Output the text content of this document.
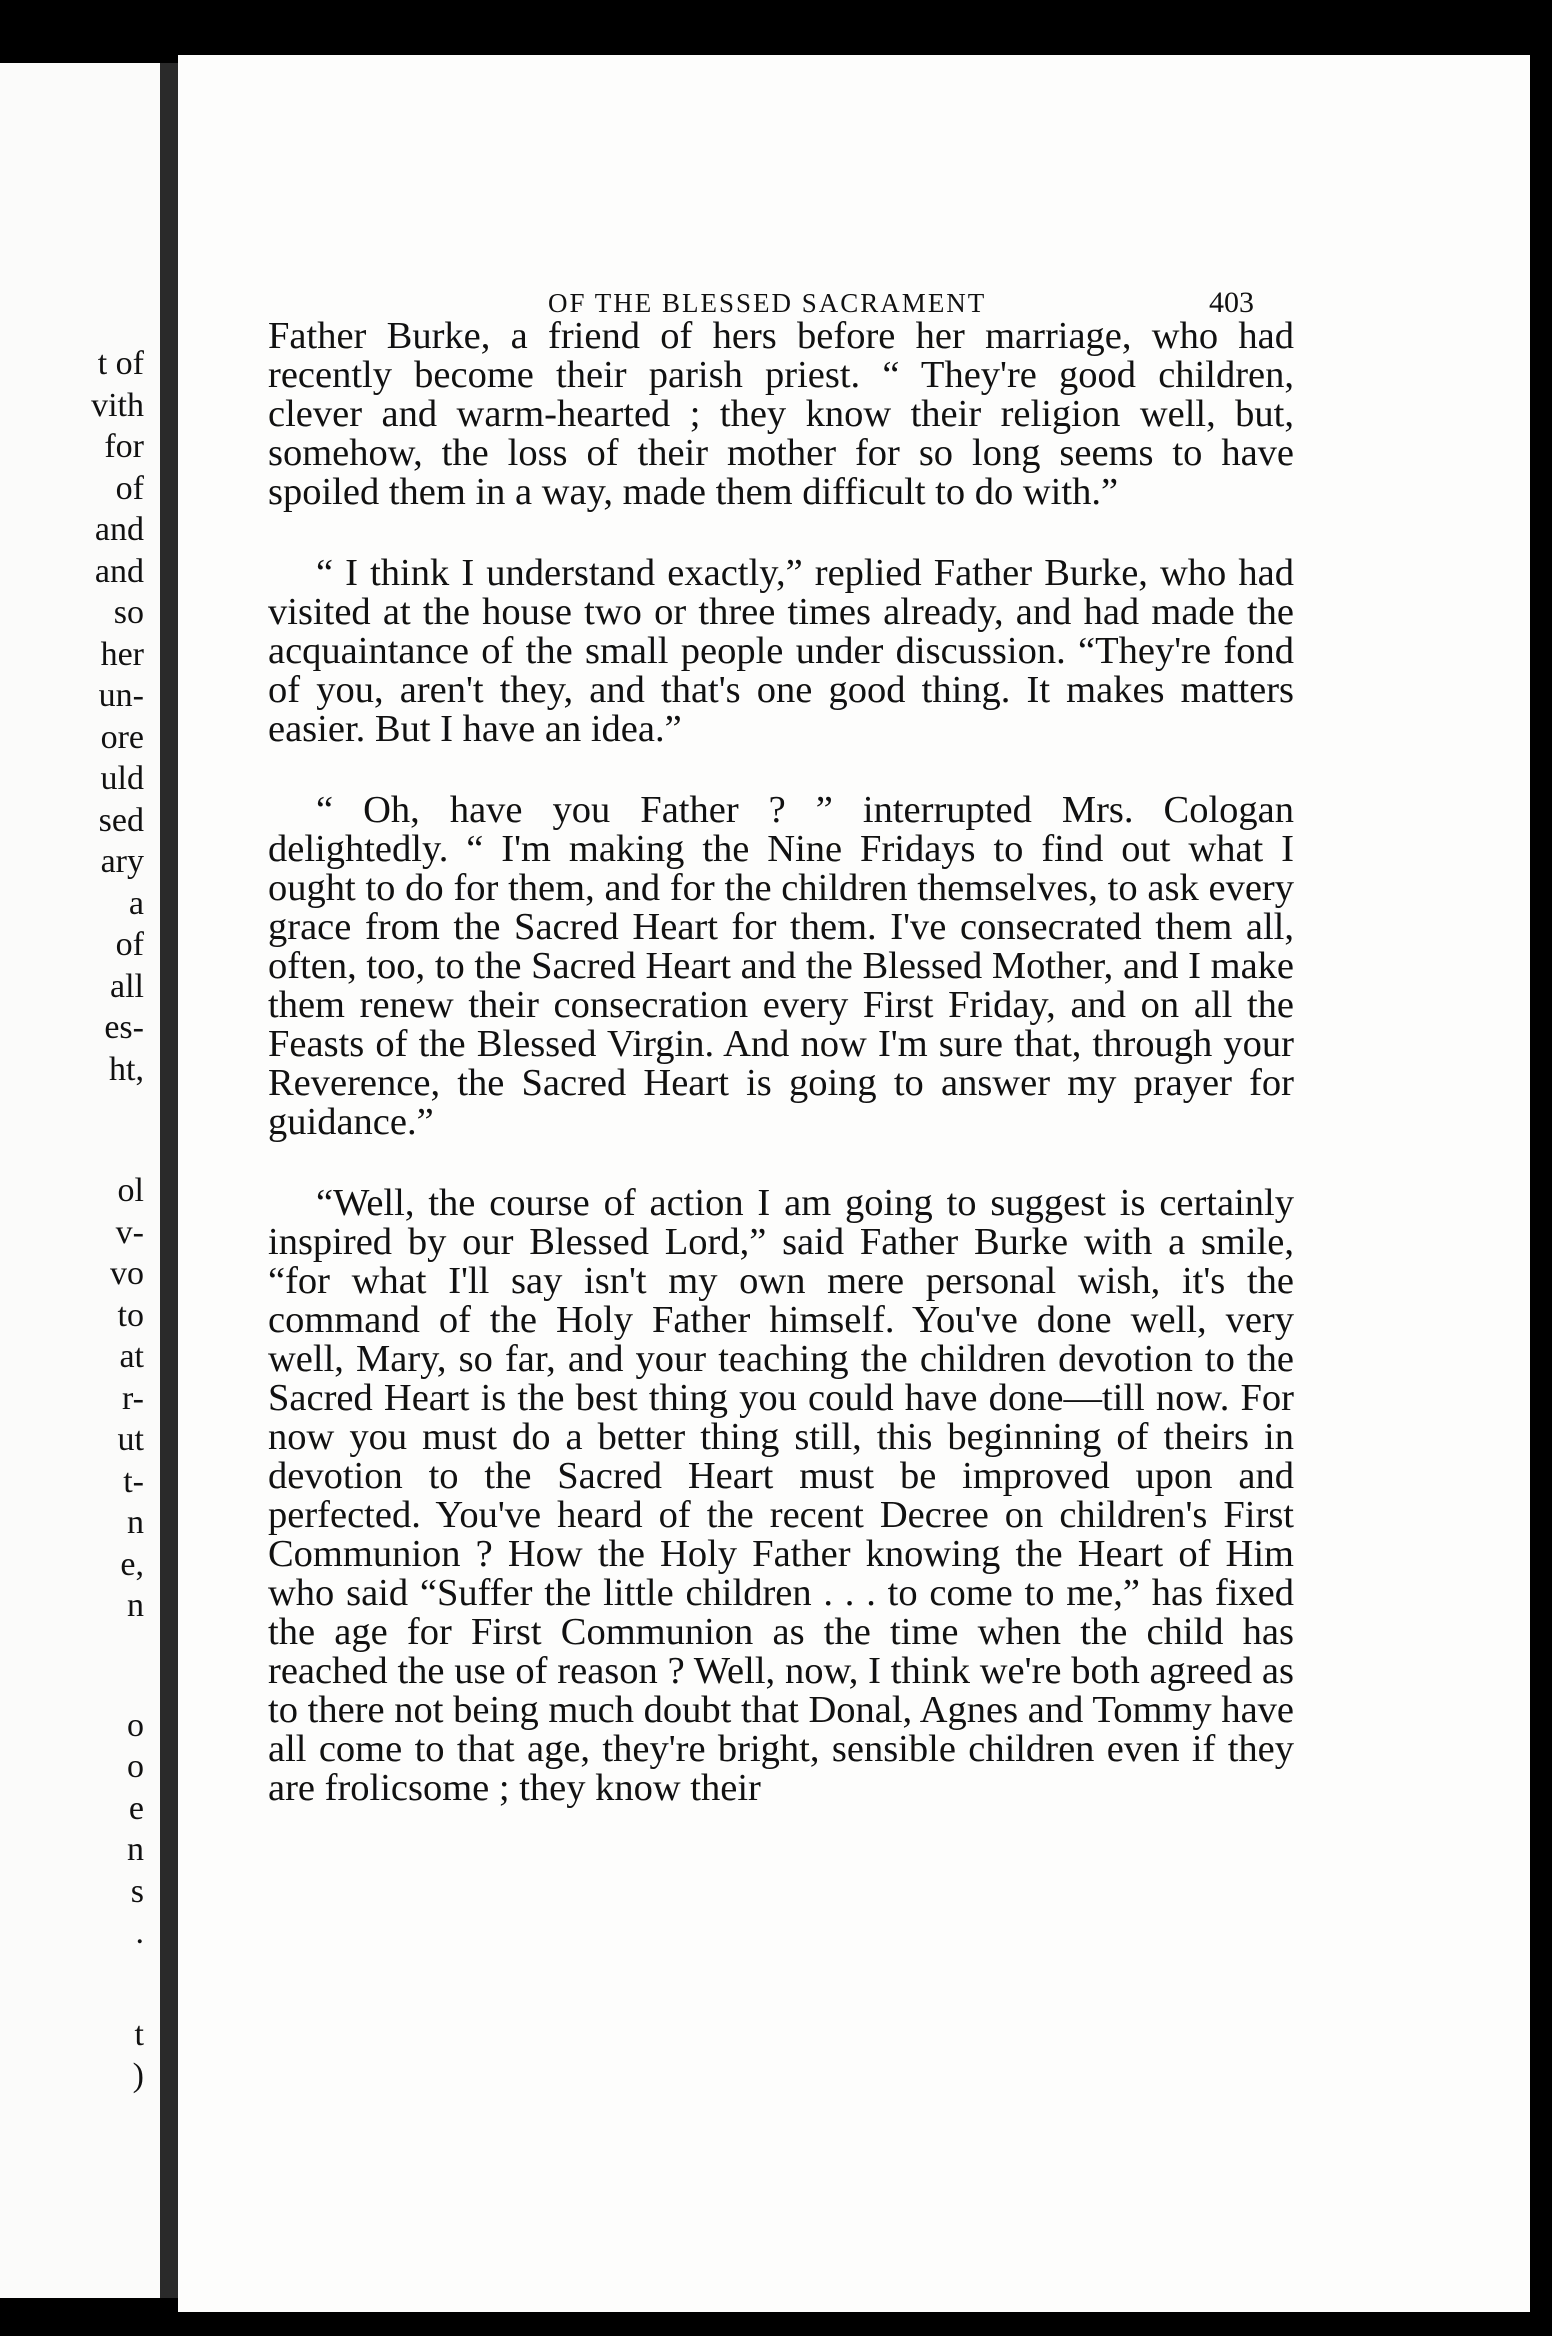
t of
vith
for
of
and
and
so
her
un-
ore
uld
sed
ary
a
of
all
es-
ht,
ol
v-
vo
to
at
r-
ut
t-
n
e,
n
o
o
e
n
s
.
t
)
OF THE BLESSED SACRAMENT	403

Father Burke, a friend of hers before her marriage, who had recently become their parish priest. “ They're good children, clever and warm-hearted ; they know their religion well, but, somehow, the loss of their mother for so long seems to have spoiled them in a way, made them difficult to do with.”

“ I think I understand exactly,” replied Father Burke, who had visited at the house two or three times already, and had made the acquaintance of the small people under discussion. “They're fond of you, aren't they, and that's one good thing. It makes matters easier. But I have an idea.”

“ Oh, have you Father ? ” interrupted Mrs. Cologan delightedly. “ I'm making the Nine Fridays to find out what I ought to do for them, and for the children themselves, to ask every grace from the Sacred Heart for them. I've consecrated them all, often, too, to the Sacred Heart and the Blessed Mother, and I make them renew their consecration every First Friday, and on all the Feasts of the Blessed Virgin. And now I'm sure that, through your Reverence, the Sacred Heart is going to answer my prayer for guidance.”

“Well, the course of action I am going to suggest is certainly inspired by our Blessed Lord,” said Father Burke with a smile, “for what I'll say isn't my own mere personal wish, it's the command of the Holy Father himself. You've done well, very well, Mary, so far, and your teaching the children devotion to the Sacred Heart is the best thing you could have done—till now. For now you must do a better thing still, this beginning of theirs in devotion to the Sacred Heart must be improved upon and perfected. You've heard of the recent Decree on children's First Communion ? How the Holy Father knowing the Heart of Him who said “Suffer the little children . . . to come to me,” has fixed the age for First Communion as the time when the child has reached the use of reason ? Well, now, I think we're both agreed as to there not being much doubt that Donal, Agnes and Tommy have all come to that age, they're bright, sensible children even if they are frolicsome ; they know their
